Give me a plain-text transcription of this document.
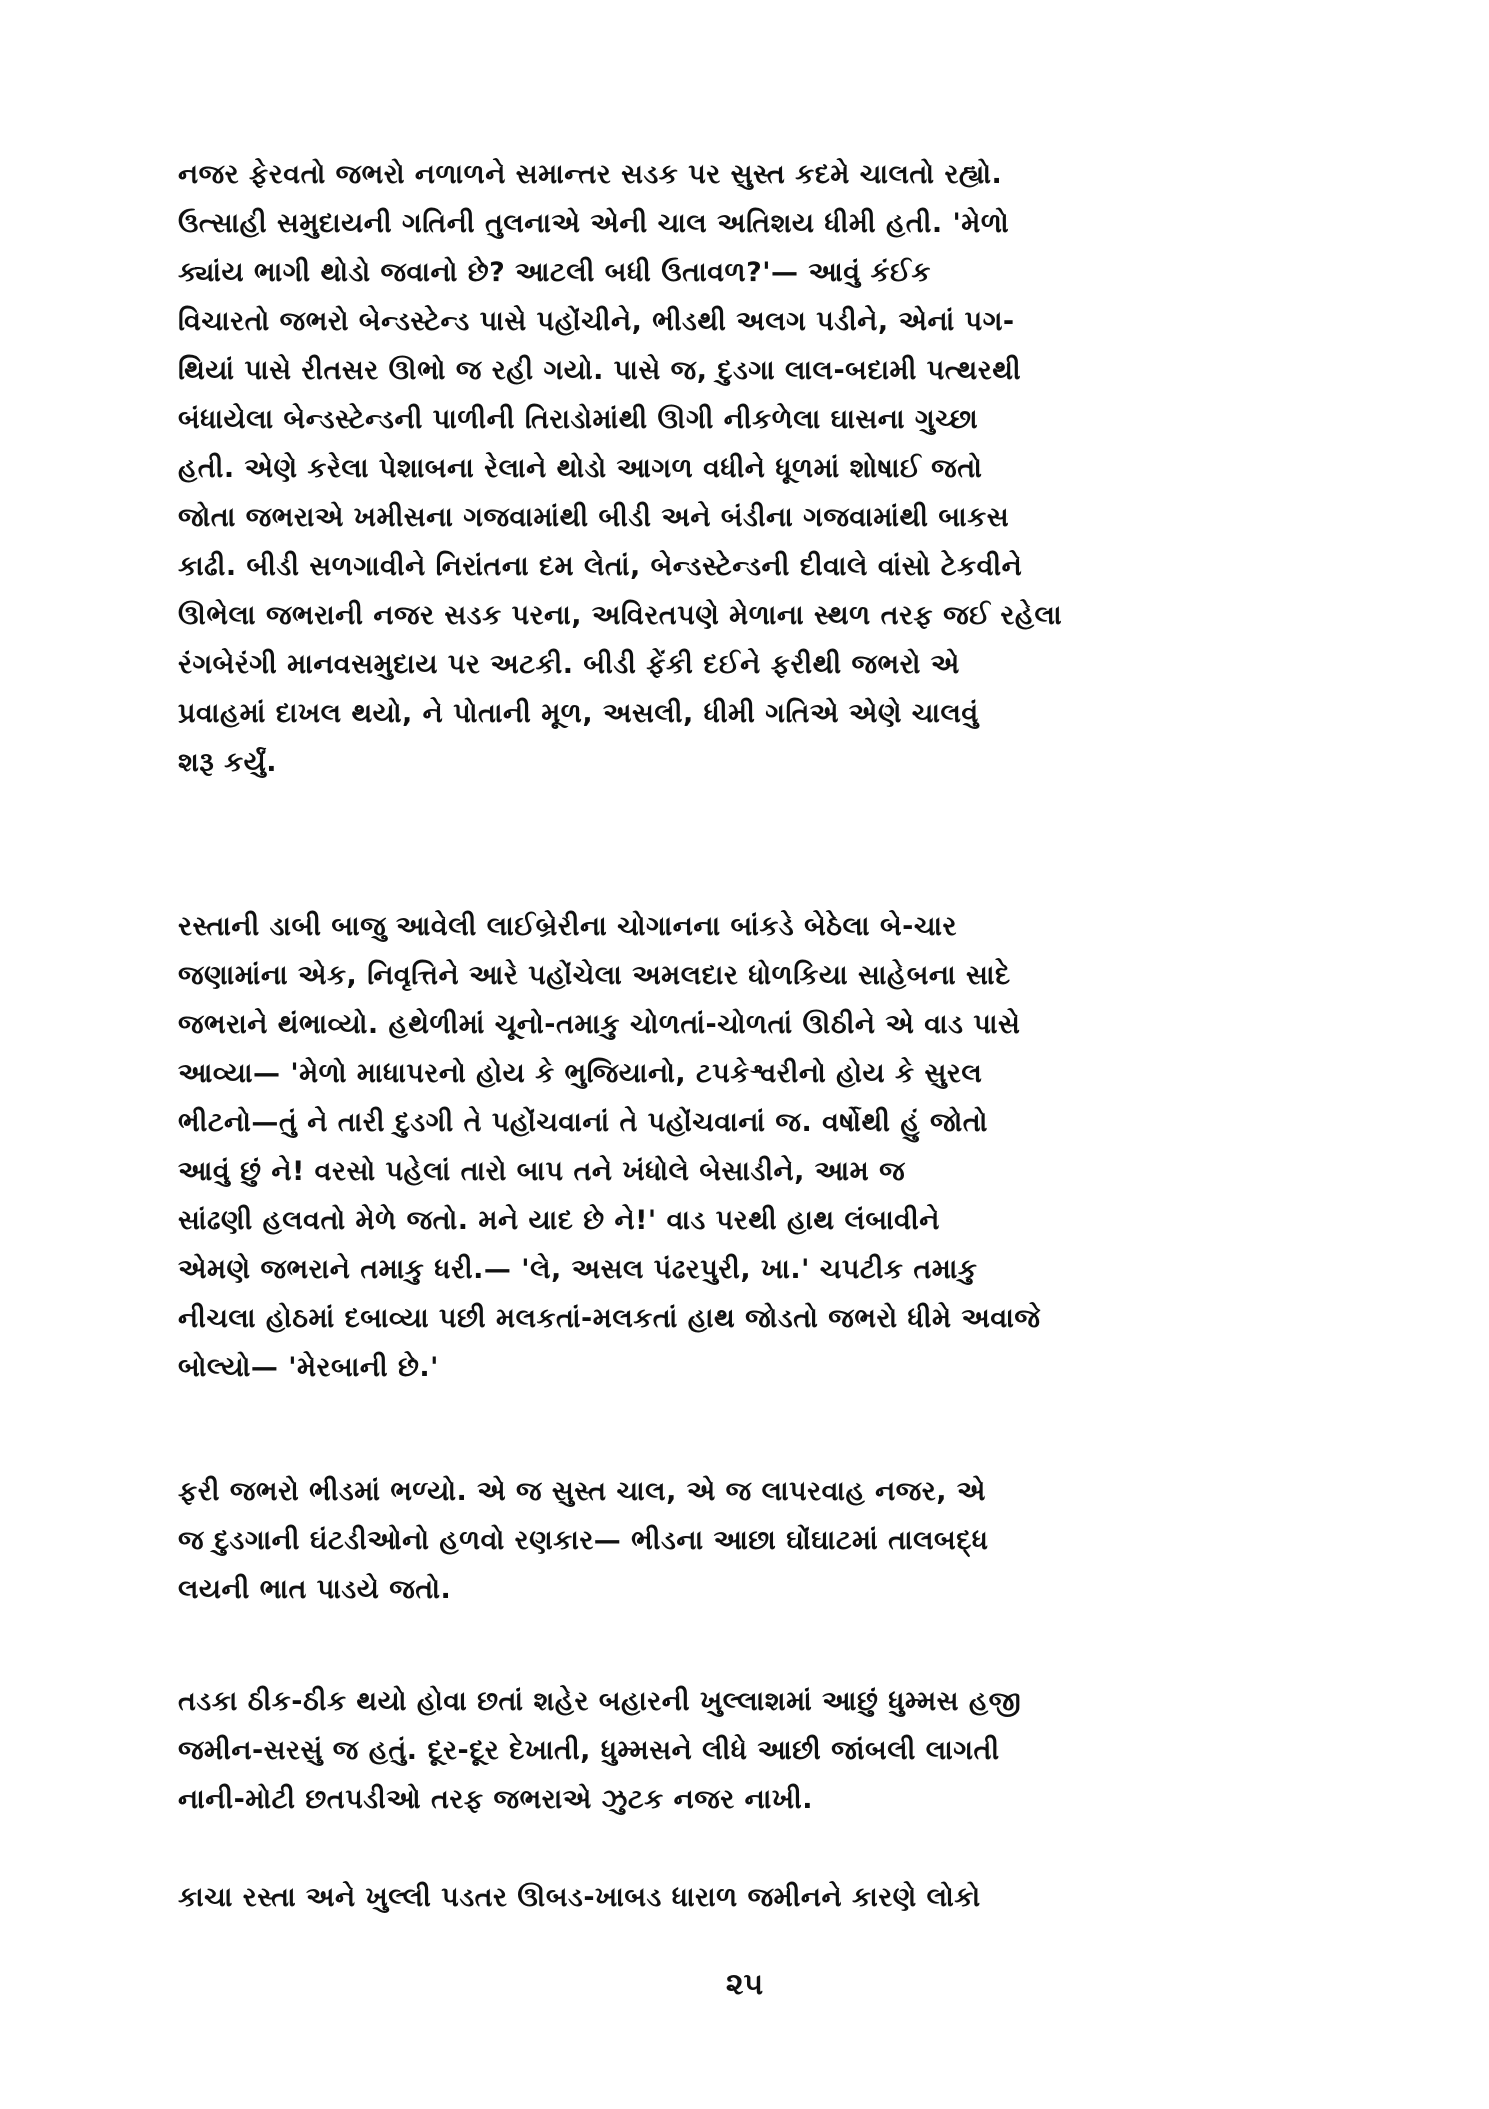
નજર ફેરવતો જભરો નળાળને સમાન્તર સડક પર સુસ્ત કદમે ચાલતો રહ્યો.
ઉત્સાહી સમુદાયની ગતિની તુલનાએ એની ચાલ અતિશય ધીમી હતી. 'મેળો
ક્યાંય ભાગી થોડો જવાનો છે? આટલી બધી ઉતાવળ?'— આવું કંઈક
વિચારતો જભરો બેન્ડસ્ટેન્ડ પાસે પહોંચીને, ભીડથી અલગ પડીને, એનાં પગ-
થિયાં પાસે રીતસર ઊભો જ રહી ગયો. પાસે જ, દુડગા લાલ-બદામી પત્થરથી
બંધાયેલા બેન્ડસ્ટેન્ડની પાળીની તિરાડોમાંથી ઊગી નીકળેલા ઘાસના ગુચ્છા
હતી. એણે કરેલા પેશાબના રેલાને થોડો આગળ વધીને ધૂળમાં શોષાઈ જતો
જોતા જભરાએ ખમીસના ગજવામાંથી બીડી અને બંડીના ગજવામાંથી બાકસ
કાઢી. બીડી સળગાવીને નિરાંતના દમ લેતાં, બેન્ડસ્ટેન્ડની દીવાલે વાંસો ટેકવીને
ઊભેલા જભરાની નજર સડક પરના, અવિરતપણે મેળાના સ્થળ તરફ જઈ રહેલા
રંગબેરંગી માનવસમુદાય પર અટકી. બીડી ફેંકી દઈને ફરીથી જભરો એ
પ્રવાહમાં દાખલ થયો, ને પોતાની મૂળ, અસલી, ધીમી ગતિએ એણે ચાલવું
શરૂ કર્યું.
રસ્તાની ડાબી બાજુ આવેલી લાઈબ્રેરીના ચોગાનના બાંકડે બેઠેલા બે-ચાર
જણામાંના એક, નિવૃત્તિને આરે પહોંચેલા અમલદાર ધોળકિયા સાહેબના સાદે
જભરાને થંભાવ્યો. હથેળીમાં ચૂનો-તમાકુ ચોળતાં-ચોળતાં ઊઠીને એ વાડ પાસે
આવ્યા— 'મેળો માધાપરનો હોય કે ભુજિયાનો, ટપકેશ્વરીનો હોય કે સુરલ
ભીટનો—તું ને તારી દુડગી તે પહોંચવાનાં તે પહોંચવાનાં જ. વર્ષોથી હું જોતો
આવું છું ને! વરસો પહેલાં તારો બાપ તને ખંધોલે બેસાડીને, આમ જ
સાંઢણી હલવતો મેળે જતો. મને યાદ છે ને!' વાડ પરથી હાથ લંબાવીને
એમણે જભરાને તમાકુ ધરી.— 'લે, અસલ પંઢરપુરી, ખા.' ચપટીક તમાકુ
નીચલા હોઠમાં દબાવ્યા પછી મલકતાં-મલકતાં હાથ જોડતો જભરો ધીમે અવાજે
બોલ્યો— 'મેરબાની છે.'
ફરી જભરો ભીડમાં ભળ્યો. એ જ સુસ્ત ચાલ, એ જ લાપરવાહ નજર, એ
જ દુડગાની ઘંટડીઓનો હળવો રણકાર— ભીડના આછા ઘોંઘાટમાં તાલબદ્ધ
લયની ભાત પાડયે જતો.
તડકા ઠીક-ઠીક થયો હોવા છતાં શહેર બહારની ખુલ્લાશમાં આછું ધુમ્મસ હજી
જમીન-સરસું જ હતું. દૂર-દૂર દેખાતી, ધુમ્મસને લીધે આછી જાંબલી લાગતી
નાની-મોટી છતપડીઓ તરફ જભરાએ ઝુટક નજર નાખી.
કાચા રસ્તા અને ખુલ્લી પડતર ઊબડ-ખાબડ ધારાળ જમીનને કારણે લોકો
૨૫
